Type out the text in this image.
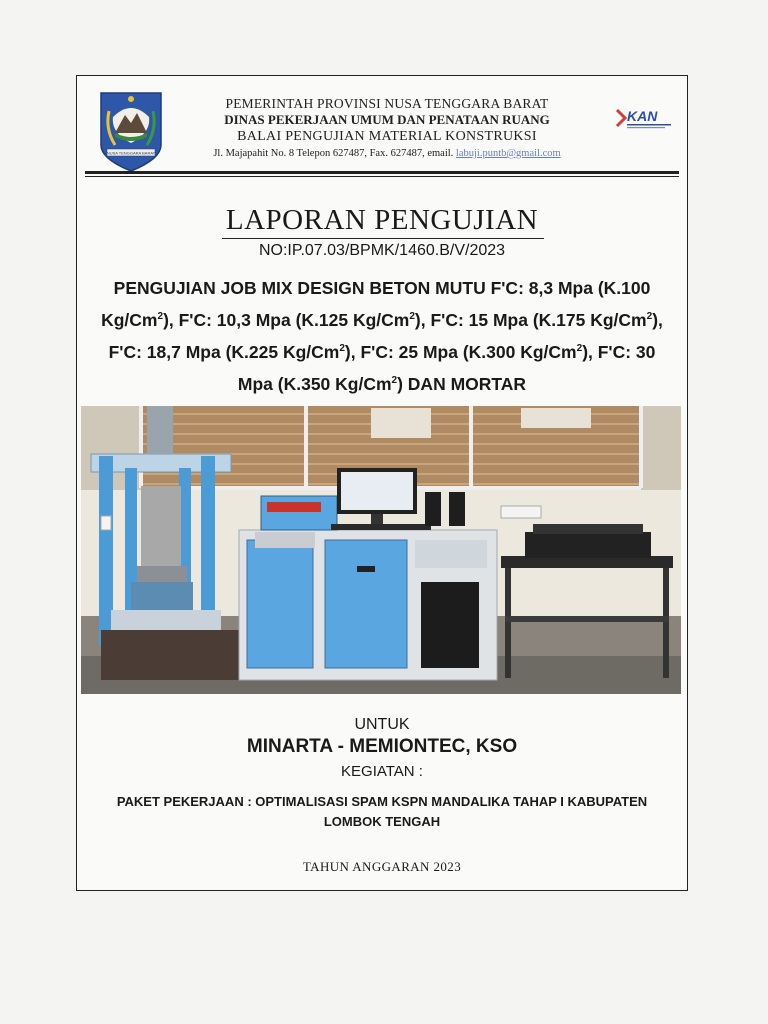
NUSA TENGGARA BARAT
PEMERINTAH PROVINSI NUSA TENGGARA BARAT
DINAS PEKERJAAN UMUM DAN PENATAAN RUANG
BALAI PENGUJIAN MATERIAL KONSTRUKSI
Jl. Majapahit No. 8 Telepon 627487, Fax. 627487, email. labuji.puntb@gmail.com
KAN
LAPORAN PENGUJIAN
NO:IP.07.03/BPMK/1460.B/V/2023
PENGUJIAN JOB MIX DESIGN BETON MUTU F'C: 8,3 Mpa (K.100 Kg/Cm$^2$), F'C: 10,3 Mpa (K.125 Kg/Cm$^2$), F'C: 15 Mpa (K.175 Kg/Cm$^2$), F'C: 18,7 Mpa (K.225 Kg/Cm$^2$), F'C: 25 Mpa (K.300 Kg/Cm$^2$), F'C: 30 Mpa (K.350 Kg/Cm$^2$) DAN MORTAR
UNTUK
MINARTA - MEMIONTEC, KSO
KEGIATAN :
PAKET PEKERJAAN : OPTIMALISASI SPAM KSPN MANDALIKA TAHAP I KABUPATEN LOMBOK TENGAH
TAHUN ANGGARAN 2023
